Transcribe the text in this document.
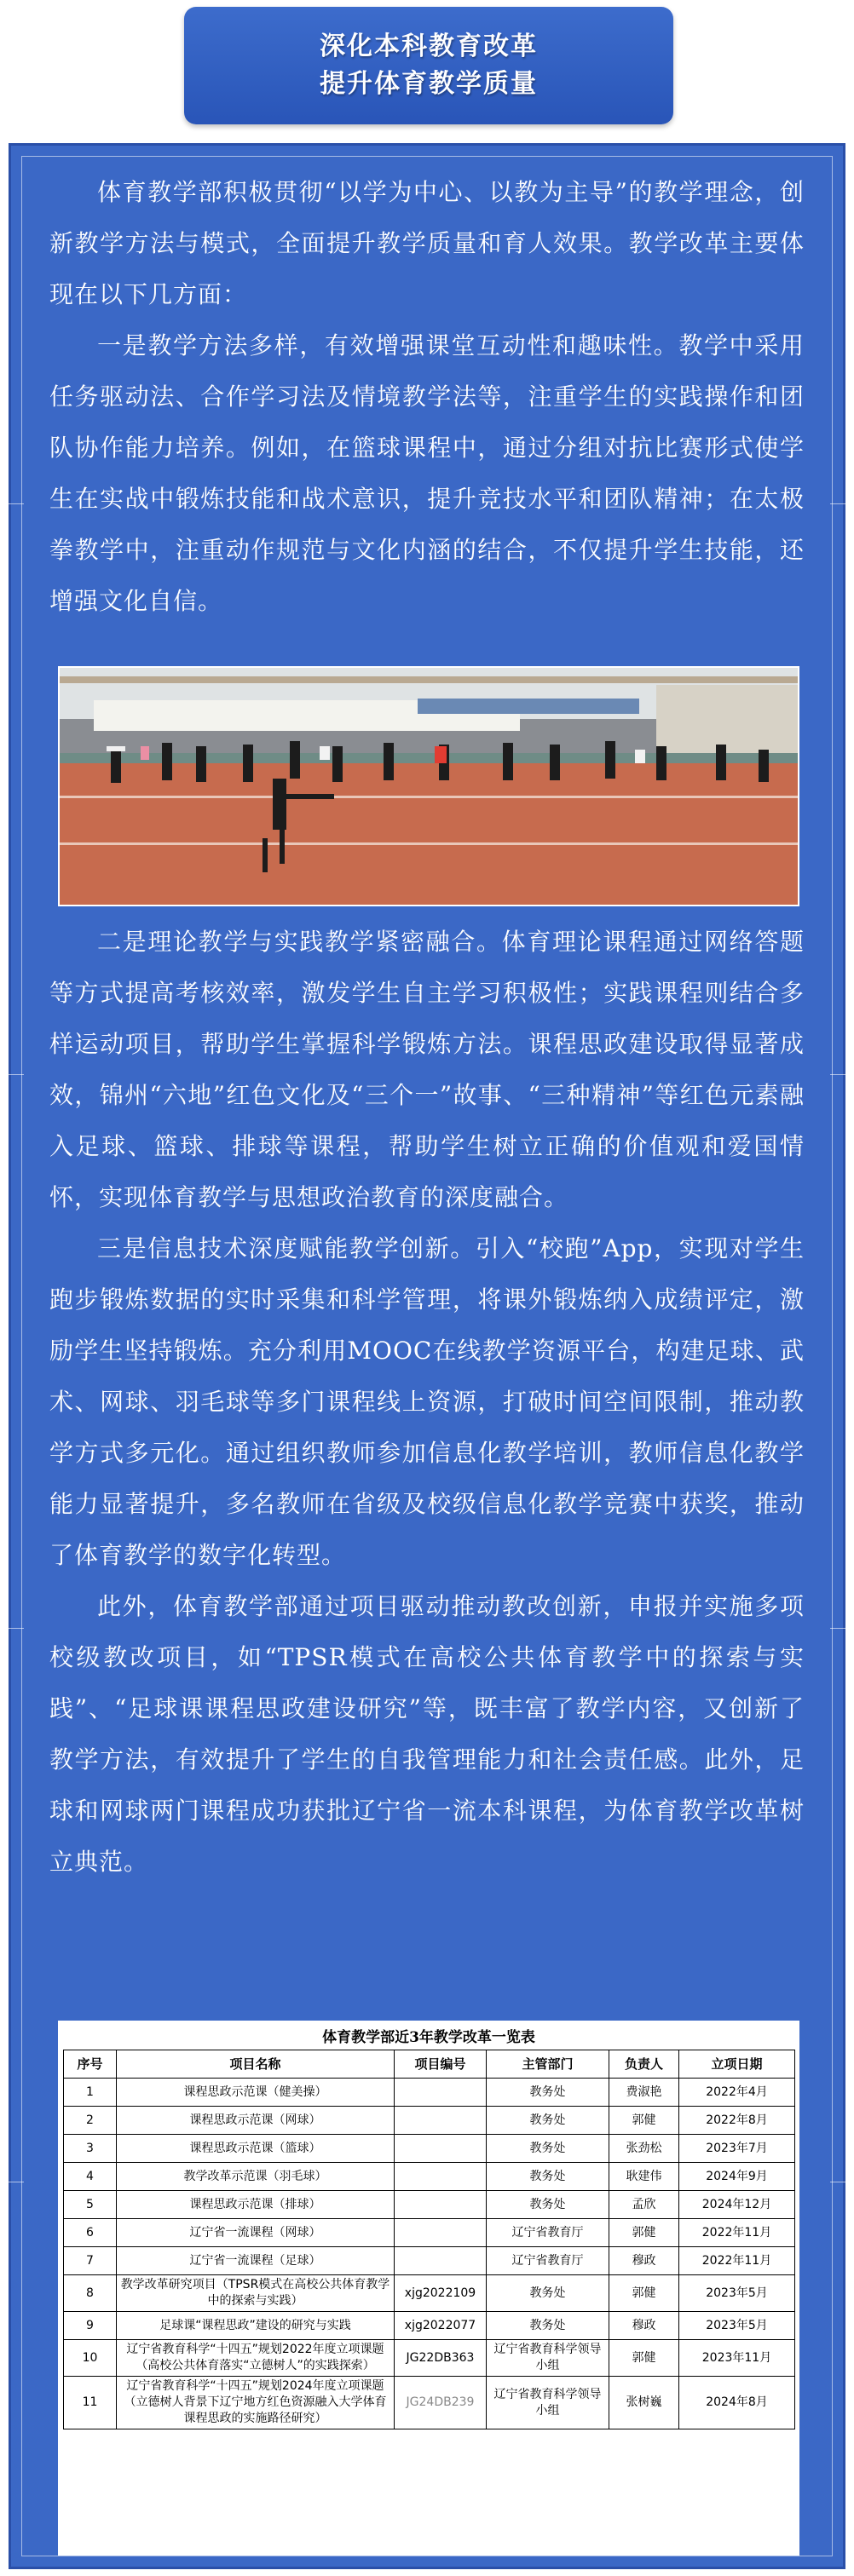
深化本科教育改革
提升体育教学质量

体育教学部积极贯彻“以学为中心、以教为主导”的教学理念，创新教学方法与模式，全面提升教学质量和育人效果。教学改革主要体现在以下几方面：

一是教学方法多样，有效增强课堂互动性和趣味性。教学中采用任务驱动法、合作学习法及情境教学法等，注重学生的实践操作和团队协作能力培养。例如，在篮球课程中，通过分组对抗比赛形式使学生在实战中锻炼技能和战术意识，提升竞技水平和团队精神；在太极拳教学中，注重动作规范与文化内涵的结合，不仅提升学生技能，还增强文化自信。

二是理论教学与实践教学紧密融合。体育理论课程通过网络答题等方式提高考核效率，激发学生自主学习积极性；实践课程则结合多样运动项目，帮助学生掌握科学锻炼方法。课程思政建设取得显著成效，锦州“六地”红色文化及“三个一”故事、“三种精神”等红色元素融入足球、篮球、排球等课程，帮助学生树立正确的价值观和爱国情怀，实现体育教学与思想政治教育的深度融合。

三是信息技术深度赋能教学创新。引入“校跑”App，实现对学生跑步锻炼数据的实时采集和科学管理，将课外锻炼纳入成绩评定，激励学生坚持锻炼。充分利用MOOC在线教学资源平台，构建足球、武术、网球、羽毛球等多门课程线上资源，打破时间空间限制，推动教学方式多元化。通过组织教师参加信息化教学培训，教师信息化教学能力显著提升，多名教师在省级及校级信息化教学竞赛中获奖，推动了体育教学的数字化转型。

此外，体育教学部通过项目驱动推动教改创新，申报并实施多项校级教改项目，如“TPSR模式在高校公共体育教学中的探索与实践”、“足球课课程思政建设研究”等，既丰富了教学内容，又创新了教学方法，有效提升了学生的自我管理能力和社会责任感。此外，足球和网球两门课程成功获批辽宁省一流本科课程，为体育教学改革树立典范。

体育教学部近3年教学改革一览表
序号	项目名称	项目编号	主管部门	负责人	立项日期
1	课程思政示范课（健美操）		教务处	费淑艳	2022年4月
2	课程思政示范课（网球）		教务处	郭健	2022年8月
3	课程思政示范课（篮球）		教务处	张劲松	2023年7月
4	教学改革示范课（羽毛球）		教务处	耿建伟	2024年9月
5	课程思政示范课（排球）		教务处	孟欣	2024年12月
6	辽宁省一流课程（网球）		辽宁省教育厅	郭健	2022年11月
7	辽宁省一流课程（足球）		辽宁省教育厅	穆政	2022年11月
8	教学改革研究项目（TPSR模式在高校公共体育教学中的探索与实践）	xjg2022109	教务处	郭健	2023年5月
9	足球课“课程思政”建设的研究与实践	xjg2022077	教务处	穆政	2023年5月
10	辽宁省教育科学“十四五”规划2022年度立项课题（高校公共体育落实“立德树人”的实践探索）	JG22DB363	辽宁省教育科学领导小组	郭健	2023年11月
11	辽宁省教育科学“十四五”规划2024年度立项课题（立德树人背景下辽宁地方红色资源融入大学体育课程思政的实施路径研究）	JG24DB239	辽宁省教育科学领导小组	张树巍	2024年8月
